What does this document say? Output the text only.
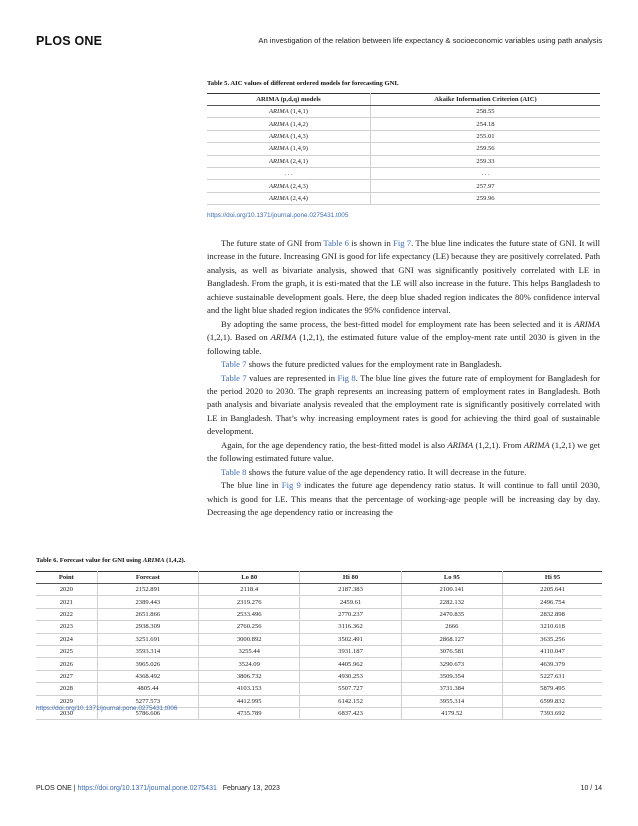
PLOS ONE	An investigation of the relation between life expectancy & socioeconomic variables using path analysis
Table 5. AIC values of different ordered models for forecasting GNI.
ARIMA (p,d,q) models	Akaike Information Criterion (AIC)
ARIMA (1,4,1)	258.55
ARIMA (1,4,2)	254.18
ARIMA (1,4,3)	255.01
ARIMA (1,4,9)	259.56
ARIMA (2,4,1)	259.33
. . .	. . .
ARIMA (2,4,3)	257.97
ARIMA (2,4,4)	259.96
https://doi.org/10.1371/journal.pone.0275431.t005

The future state of GNI from Table 6 is shown in Fig 7. The blue line indicates the future state of GNI. It will increase in the future. Increasing GNI is good for life expectancy (LE) because they are positively correlated. Path analysis, as well as bivariate analysis, showed that GNI was significantly positively correlated with LE in Bangladesh. From the graph, it is esti-mated that the LE will also increase in the future. This helps Bangladesh to achieve sustainable development goals. Here, the deep blue shaded region indicates the 80% confidence interval and the light blue shaded region indicates the 95% confidence interval.

By adopting the same process, the best-fitted model for employment rate has been selected and it is ARIMA (1,2,1). Based on ARIMA (1,2,1), the estimated future value of the employ-ment rate until 2030 is given in the following table.

Table 7 shows the future predicted values for the employment rate in Bangladesh.

Table 7 values are represented in Fig 8. The blue line gives the future rate of employment for Bangladesh for the period 2020 to 2030. The graph represents an increasing pattern of employment rates in Bangladesh. Both path analysis and bivariate analysis revealed that the employment rate is significantly positively correlated with LE in Bangladesh. That’s why increasing employment rates is good for achieving the third goal of sustainable development.

Again, for the age dependency ratio, the best-fitted model is also ARIMA (1,2,1). From ARIMA (1,2,1) we get the following estimated future value.

Table 8 shows the future value of the age dependency ratio. It will decrease in the future.

The blue line in Fig 9 indicates the future age dependency ratio status. It will continue to fall until 2030, which is good for LE. This means that the percentage of working-age people will be increasing day by day. Decreasing the age dependency ratio or increasing the

Table 6. Forecast value for GNI using ARIMA (1,4,2).
Point	Forecast	Lo 80	Hi 80	Lo 95	Hi 95
2020	2152.891	2118.4	2187.383	2100.141	2205.641
2021	2389.443	2319.276	2459.61	2282.132	2496.754
2022	2651.866	2533.496	2770.237	2470.835	2832.898
2023	2938.309	2760.256	3116.362	2666	3210.618
2024	3251.691	3000.892	3502.491	2868.127	3635.256
2025	3593.314	3255.44	3931.187	3076.581	4110.047
2026	3965.026	3524.09	4405.962	3290.673	4639.379
2027	4368.492	3806.732	4930.253	3509.354	5227.631
2028	4805.44	4103.153	5507.727	3731.384	5879.495
2029	5277.573	4412.995	6142.152	3955.314	6599.832
2030	5786.606	4735.789	6837.423	4179.52	7393.692
https://doi.org/10.1371/journal.pone.0275431.t006
PLOS ONE | https://doi.org/10.1371/journal.pone.0275431 February 13, 2023	10 / 14
